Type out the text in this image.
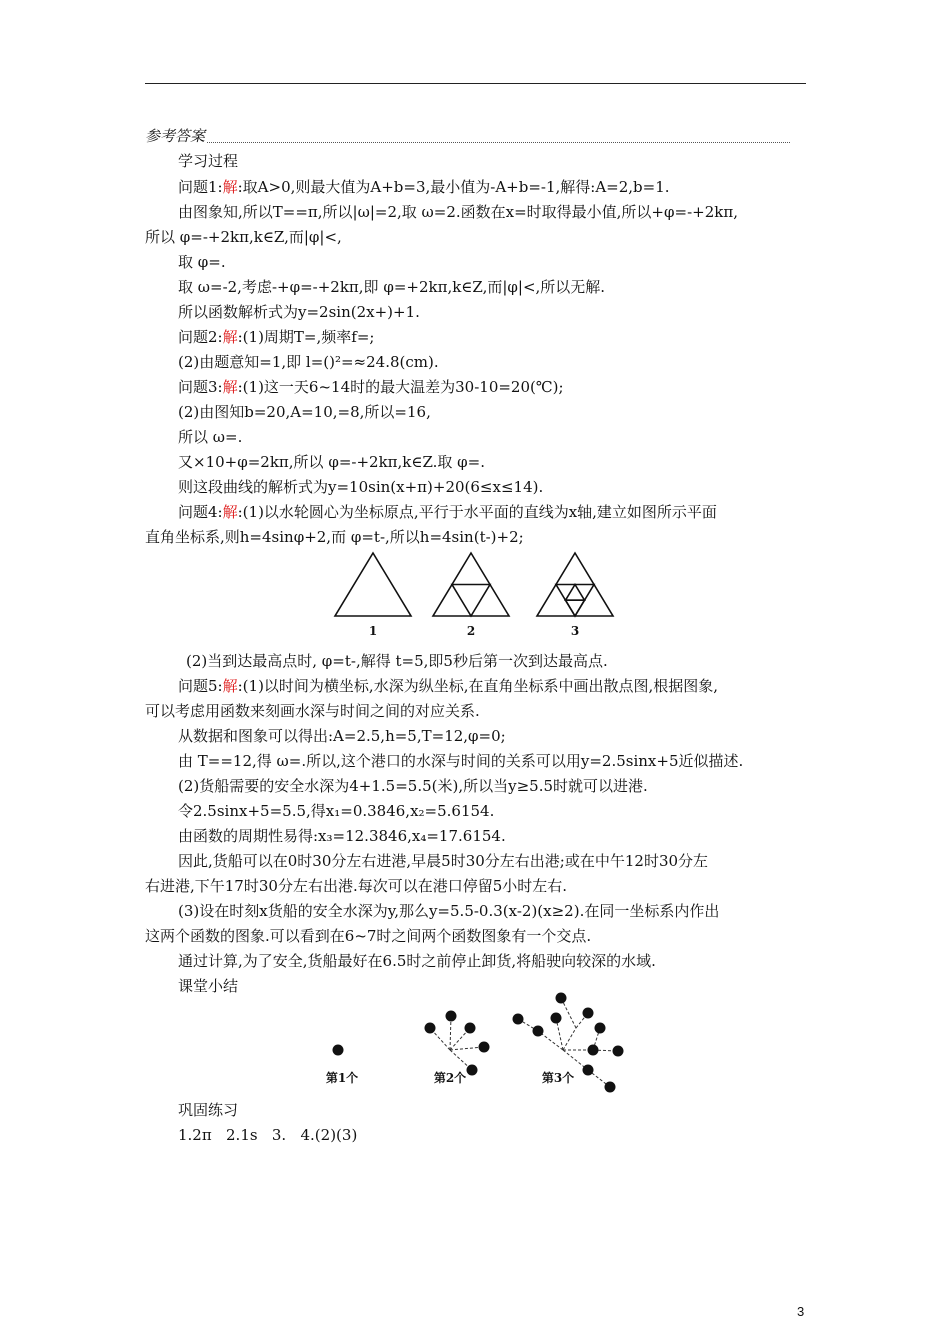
参考答案
学习过程
问题1:解:取A>0,则最大值为A+b=3,最小值为-A+b=-1,解得:A=2,b=1.
由图象知,所以T==π,所以|ω|=2,取 ω=2.函数在x=时取得最小值,所以+φ=-+2kπ,
所以 φ=-+2kπ,k∈Z,而|φ|<,
取 φ=.
取 ω=-2,考虑-+φ=-+2kπ,即 φ=+2kπ,k∈Z,而|φ|<,所以无解.
所以函数解析式为y=2sin(2x+)+1.
问题2:解:(1)周期T=,频率f=;
(2)由题意知=1,即 l=()²=≈24.8(cm).
问题3:解:(1)这一天6~14时的最大温差为30-10=20(℃);
(2)由图知b=20,A=10,=8,所以=16,
所以 ω=.
又×10+φ=2kπ,所以 φ=-+2kπ,k∈Z.取 φ=.
则这段曲线的解析式为y=10sin(x+π)+20(6≤x≤14).
问题4:解:(1)以水轮圆心为坐标原点,平行于水平面的直线为x轴,建立如图所示平面
直角坐标系,则h=4sinφ+2,而 φ=t-,所以h=4sin(t-)+2;
1	2	3
(2)当到达最高点时, φ=t-,解得 t=5,即5秒后第一次到达最高点.
问题5:解:(1)以时间为横坐标,水深为纵坐标,在直角坐标系中画出散点图,根据图象,
可以考虑用函数来刻画水深与时间之间的对应关系.
从数据和图象可以得出:A=2.5,h=5,T=12,φ=0;
由 T==12,得 ω=.所以,这个港口的水深与时间的关系可以用y=2.5sinx+5近似描述.
(2)货船需要的安全水深为4+1.5=5.5(米),所以当y≥5.5时就可以进港.
令2.5sinx+5=5.5,得x₁=0.3846,x₂=5.6154.
由函数的周期性易得:x₃=12.3846,x₄=17.6154.
因此,货船可以在0时30分左右进港,早晨5时30分左右出港;或在中午12时30分左
右进港,下午17时30分左右出港.每次可以在港口停留5小时左右.
(3)设在时刻x货船的安全水深为y,那么y=5.5-0.3(x-2)(x≥2).在同一坐标系内作出
这两个函数的图象.可以看到在6~7时之间两个函数图象有一个交点.
通过计算,为了安全,货船最好在6.5时之前停止卸货,将船驶向较深的水域.
课堂小结
第1个	第2个	第3个
巩固练习
1.2π   2.1s   3.   4.(2)(3)
3
